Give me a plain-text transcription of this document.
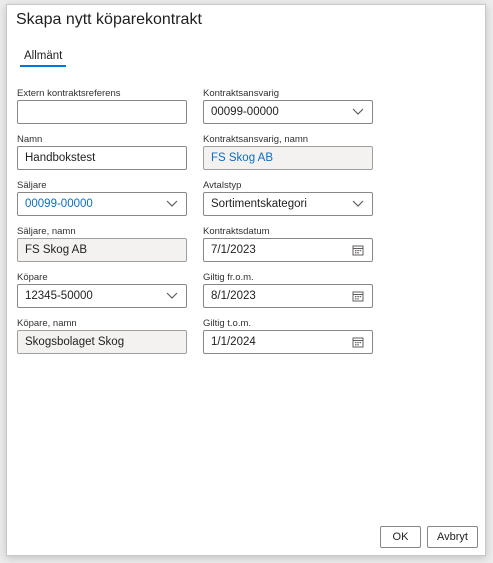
Skapa nytt köparekontrakt
Allmänt
Extern kontraktsreferens	Kontraktsansvarig
00099-00000
Namn
Handbokstest
Kontraktsansvarig, namn
FS Skog AB
Säljare
00099-00000
Avtalstyp
Sortimentskategori
Säljare, namn
FS Skog AB
Kontraktsdatum
7/1/2023
Köpare
12345-50000
Giltig fr.o.m.
8/1/2023
Köpare, namn
Skogsbolaget Skog
Giltig t.o.m.
1/1/2024
OK	Avbryt
